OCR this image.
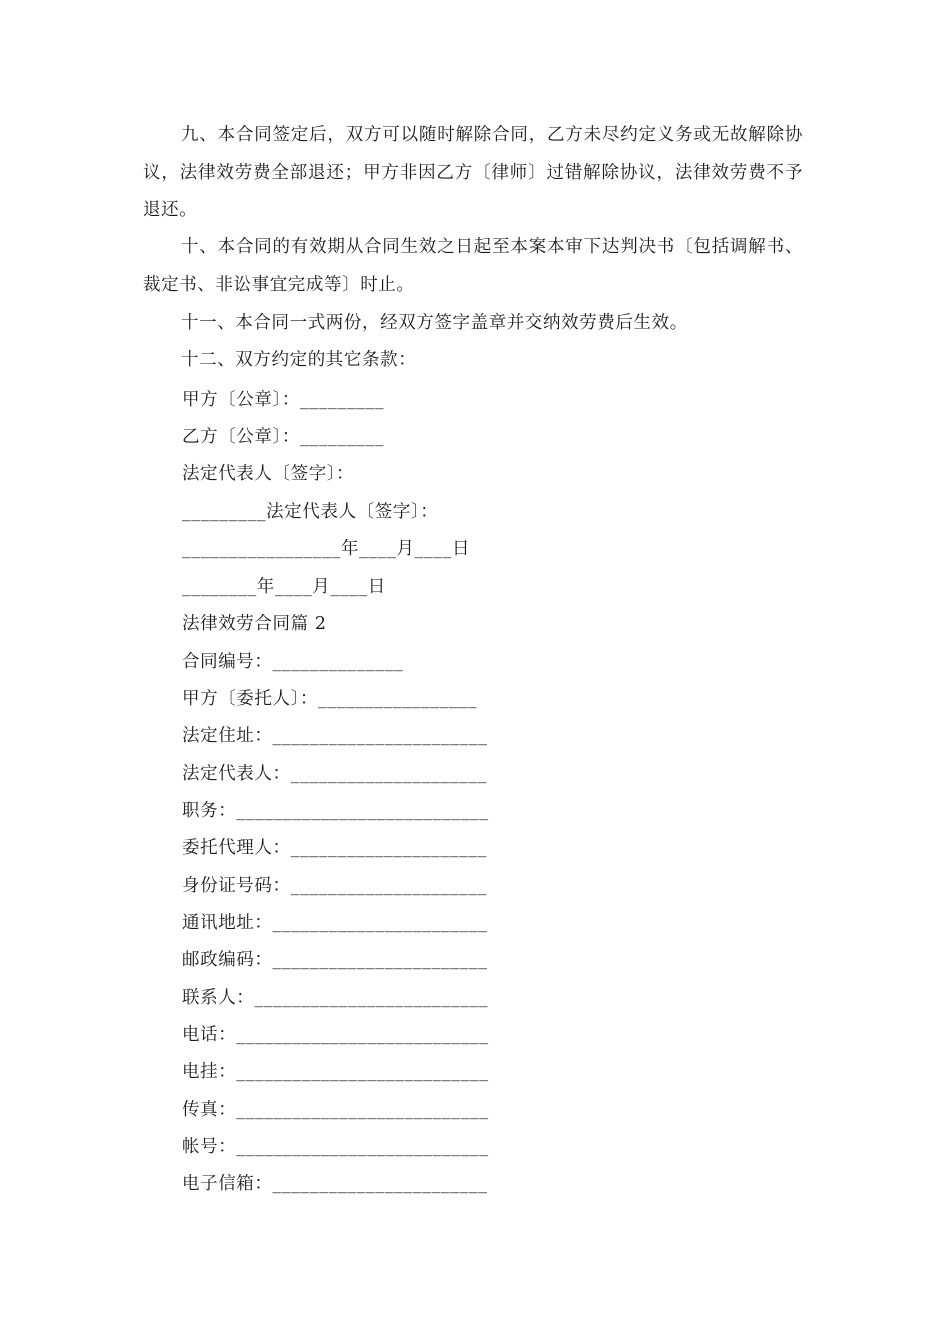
九、本合同签定后，双方可以随时解除合同，乙方未尽约定义务或无故解除协议，法律效劳费全部退还；甲方非因乙方〔律师〕过错解除协议，法律效劳费不予退还。

十、本合同的有效期从合同生效之日起至本案本审下达判决书〔包括调解书、裁定书、非讼事宜完成等〕时止。

十一、本合同一式两份，经双方签字盖章并交纳效劳费后生效。

十二、双方约定的其它条款：

甲方〔公章〕：_________
乙方〔公章〕：_________
法定代表人〔签字〕：
_________法定代表人〔签字〕：
_________________年____月____日
________年____月____日
法律效劳合同篇 2
合同编号：______________
甲方〔委托人〕：_________________
法定住址：_______________________
法定代表人：_____________________
职务：___________________________
委托代理人：_____________________
身份证号码：_____________________
通讯地址：_______________________
邮政编码：_______________________
联系人：_________________________
电话：___________________________
电挂：___________________________
传真：___________________________
帐号：___________________________
电子信箱：_______________________
